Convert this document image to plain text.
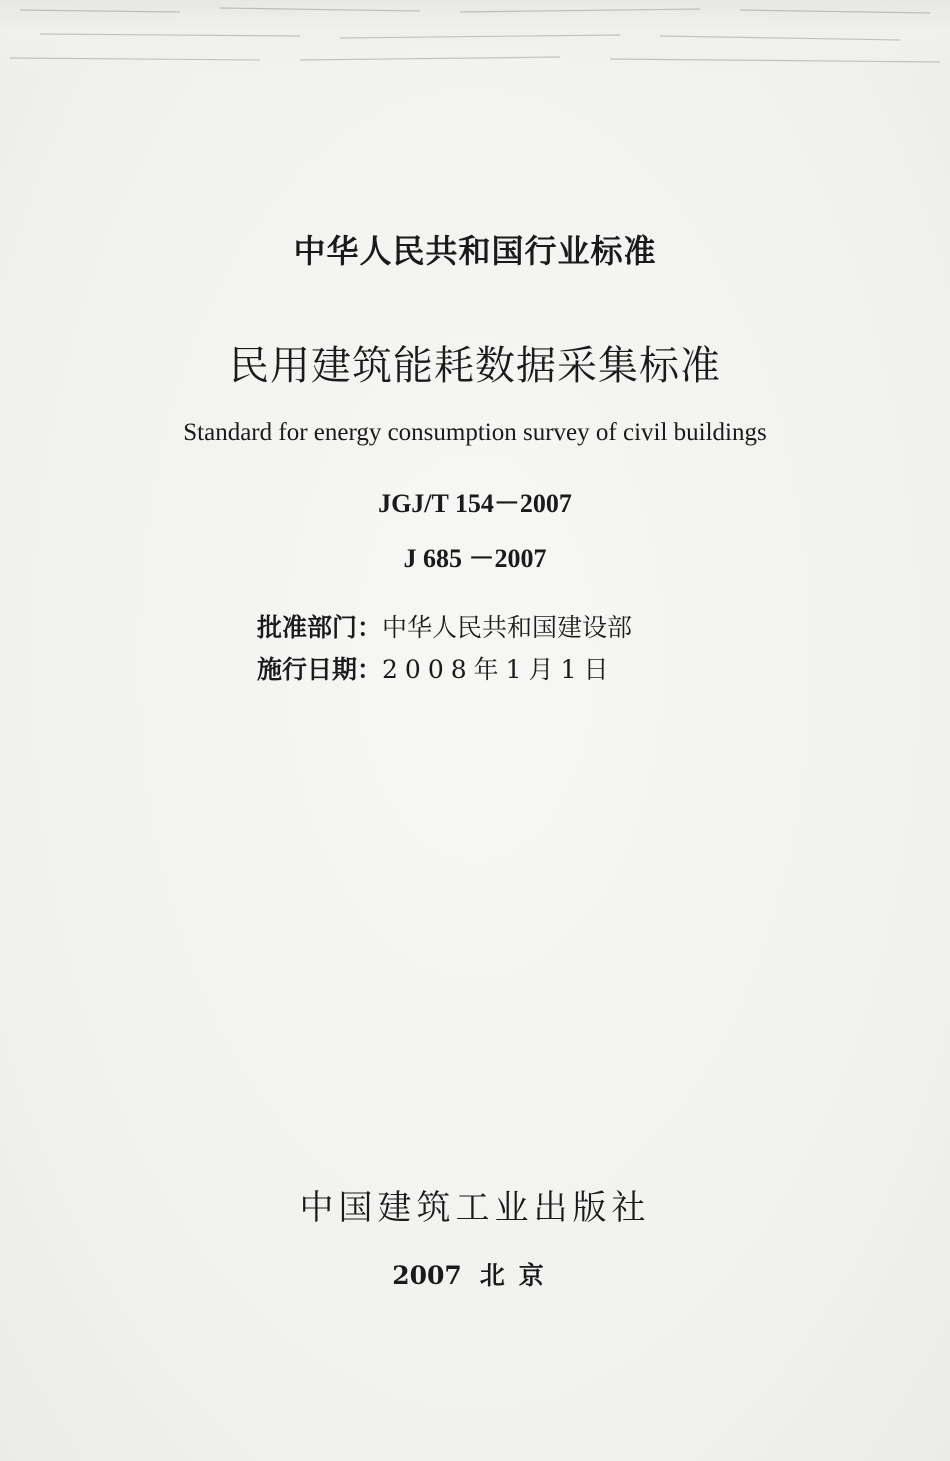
中华人民共和国行业标准
民用建筑能耗数据采集标准
Standard for energy consumption survey of civil buildings
JGJ/T 154－2007
J 685 －2007
批准部门：中华人民共和国建设部
施行日期：2008年1月1日
中国建筑工业出版社
2007 北京
